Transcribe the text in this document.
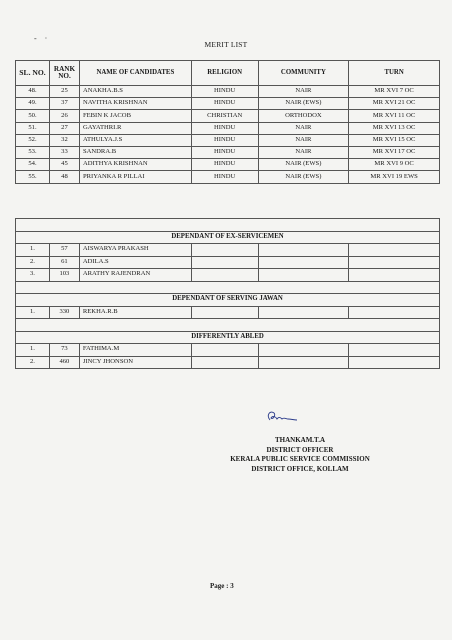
- ·
MERIT LIST
SL. NO.	RANK NO.	NAME OF CANDIDATES	RELIGION	COMMUNITY	TURN
48.	25	ANAKHA.B.S	HINDU	NAIR	MR XVI 7 OC
49.	37	NAVITHA KRISHNAN	HINDU	NAIR (EWS)	MR XVI 21 OC
50.	26	FEBIN K JACOB	CHRISTIAN	ORTHODOX	MR XVI 11 OC
51.	27	GAYATHRI.R	HINDU	NAIR	MR XVI 13 OC
52.	32	ATHULYA.J.S	HINDU	NAIR	MR XVI 15 OC
53.	33	SANDRA.B	HINDU	NAIR	MR XVI 17 OC
54.	45	ADITHYA KRISHNAN	HINDU	NAIR (EWS)	MR XVI 9 OC
55.	48	PRIYANKA R PILLAI	HINDU	NAIR (EWS)	MR XVI 19 EWS

DEPENDANT OF EX-SERVICEMEN					
1.	57	AISWARYA PRAKASH			
2.	61	ADILA.S			
3.	103	ARATHY RAJENDRAN			

DEPENDANT OF SERVING JAWAN					
1.	330	REKHA.R.B			

DIFFERENTLY ABLED					
1.	73	FATHIMA.M			
2.	460	JINCY JHONSON			
THANKAM.T.A
DISTRICT OFFICER
KERALA PUBLIC SERVICE COMMISSION
DISTRICT OFFICE, KOLLAM
Page : 3
